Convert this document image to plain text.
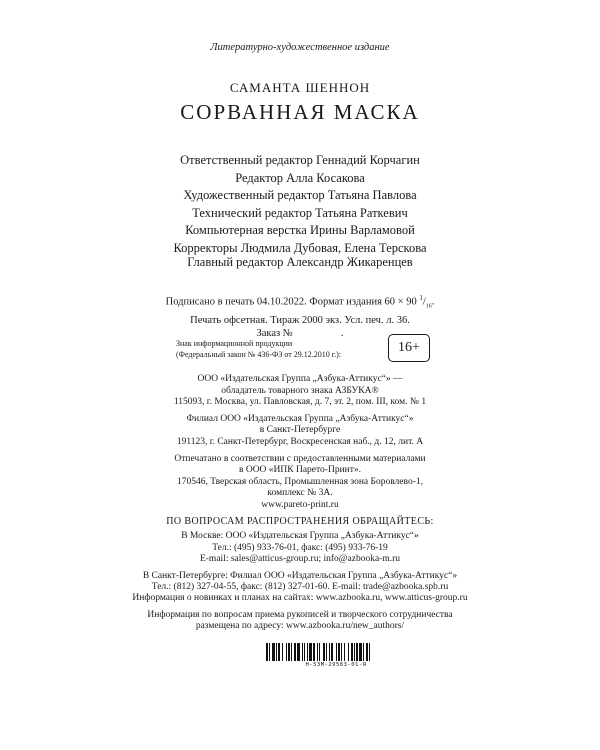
Литературно-художественное издание
САМАНТА ШЕННОН
СОРВАННАЯ МАСКА
Ответственный редактор Геннадий Корчагин
Редактор Алла Косакова
Художественный редактор Татьяна Павлова
Технический редактор Татьяна Раткевич
Компьютерная верстка Ирины Варламовой
Корректоры Людмила Дубовая, Елена Терскова
Главный редактор Александр Жикаренцев
Подписано в печать 04.10.2022. Формат издания 60 × 90 $^1/_{16}$.
Печать офсетная. Тираж 2000 экз. Усл. печ. л. 36.
Заказ №	.
Знак информационной продукции
(Федеральный закон № 436-ФЗ от 29.12.2010 г.):	16+
ООО «Издательская Группа „Азбука-Аттикус“» —
обладатель товарного знака АЗБУКА®
115093, г. Москва, ул. Павловская, д. 7, эт. 2, пом. III, ком. № 1
Филиал ООО «Издательская Группа „Азбука-Аттикус“»
в Санкт-Петербурге
191123, г. Санкт-Петербург, Воскресенская наб., д. 12, лит. А
Отпечатано в соответствии с предоставленными материалами
в ООО «ИПК Парето-Принт».
170546, Тверская область, Промышленная зона Боровлево-1,
комплекс № 3А.
www.pareto-print.ru
ПО ВОПРОСАМ РАСПРОСТРАНЕНИЯ ОБРАЩАЙТЕСЬ:
В Москве: ООО «Издательская Группа „Азбука-Аттикус“»
Тел.: (495) 933-76-01, факс: (495) 933-76-19
E-mail: sales@atticus-group.ru; info@azbooka-m.ru
В Санкт-Петербурге: Филиал ООО «Издательская Группа „Азбука-Аттикус“»
Тел.: (812) 327-04-55, факс: (812) 327-01-60. E-mail: trade@azbooka.spb.ru
Информация о новинках и планах на сайтах: www.azbooka.ru, www.atticus-group.ru
Информация по вопросам приема рукописей и творческого сотрудничества
размещена по адресу: www.azbooka.ru/new_authors/
Н-53М-29583-01-Я
